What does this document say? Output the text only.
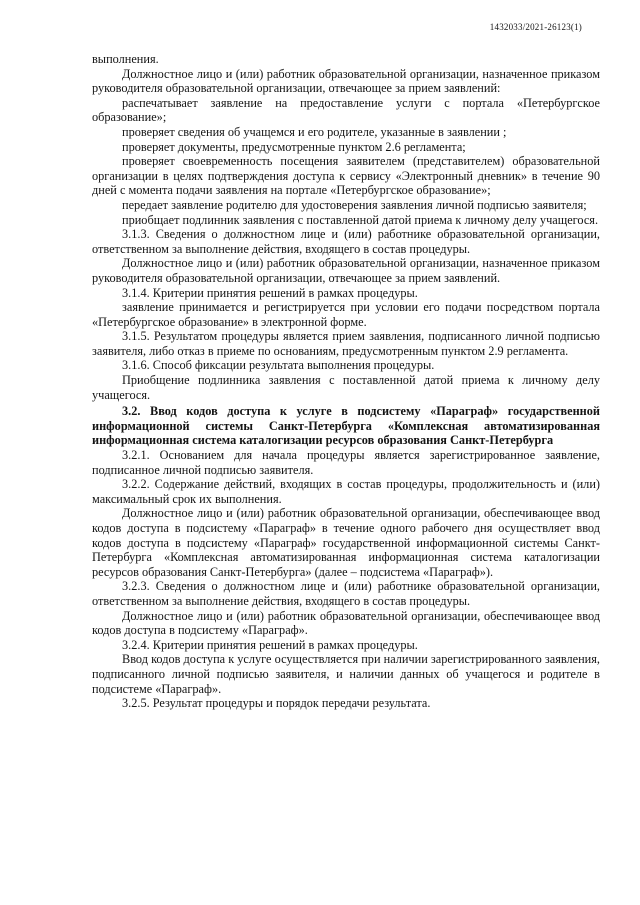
1432033/2021-26123(1)

выполнения.

Должностное лицо и (или) работник образовательной организации, назначенное приказом руководителя образовательной организации, отвечающее за прием заявлений:

распечатывает заявление на предоставление услуги с портала «Петербургское образование»;

проверяет сведения об учащемся и его родителе, указанные в заявлении ;

проверяет документы, предусмотренные пунктом 2.6 регламента;

проверяет своевременность посещения заявителем (представителем) образовательной организации в целях подтверждения доступа к сервису «Электронный дневник» в течение 90 дней с момента подачи заявления на портале «Петербургское образование»;

передает заявление родителю для удостоверения заявления личной подписью заявителя;

приобщает подлинник заявления с поставленной датой приема к личному делу учащегося.

3.1.3. Сведения о должностном лице и (или) работнике образовательной организации, ответственном за выполнение действия, входящего в состав процедуры.

Должностное лицо и (или) работник образовательной организации, назначенное приказом руководителя образовательной организации, отвечающее за прием заявлений.

3.1.4. Критерии принятия решений в рамках процедуры.

заявление принимается и регистрируется при условии его подачи посредством портала «Петербургское образование» в электронной форме.

3.1.5. Результатом процедуры является прием заявления, подписанного личной подписью заявителя, либо отказ в приеме по основаниям, предусмотренным пунктом 2.9 регламента.

3.1.6. Способ фиксации результата выполнения процедуры.

Приобщение подлинника заявления с поставленной датой приема к личному делу учащегося.

3.2. Ввод кодов доступа к услуге в подсистему «Параграф» государственной информационной системы Санкт-Петербурга «Комплексная автоматизированная информационная система каталогизации ресурсов образования Санкт-Петербурга

3.2.1. Основанием для начала процедуры является зарегистрированное заявление, подписанное личной подписью заявителя.

3.2.2. Содержание действий, входящих в состав процедуры, продолжительность и (или) максимальный срок их выполнения.

Должностное лицо и (или) работник образовательной организации, обеспечивающее ввод кодов доступа в подсистему «Параграф» в течение одного рабочего дня осуществляет ввод кодов доступа в подсистему «Параграф» государственной информационной системы Санкт-Петербурга «Комплексная автоматизированная информационная система каталогизации ресурсов образования Санкт-Петербурга» (далее – подсистема «Параграф»).

3.2.3. Сведения о должностном лице и (или) работнике образовательной организации, ответственном за выполнение действия, входящего в состав процедуры.

Должностное лицо и (или) работник образовательной организации, обеспечивающее ввод кодов доступа в подсистему «Параграф».

3.2.4. Критерии принятия решений в рамках процедуры.

Ввод кодов доступа к услуге осуществляется при наличии зарегистрированного заявления, подписанного личной подписью заявителя, и наличии данных об учащегося и родителе в подсистеме «Параграф».

3.2.5. Результат процедуры и порядок передачи результата.
